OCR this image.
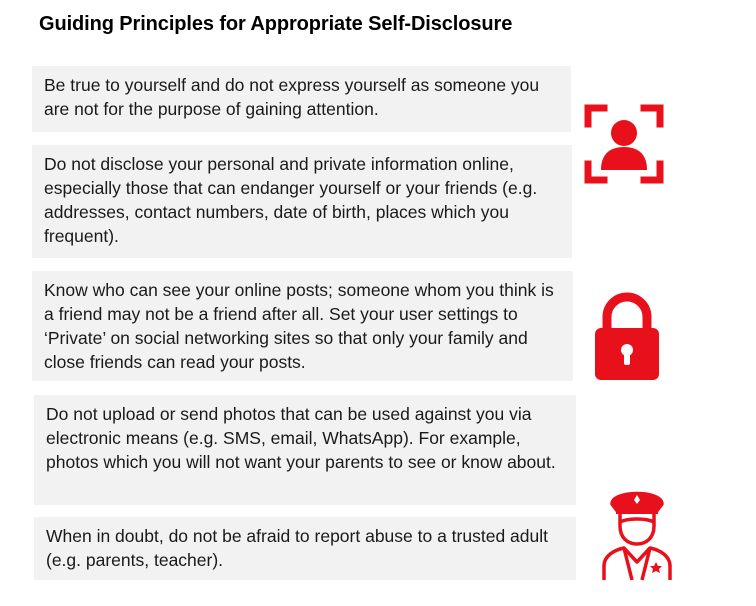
Guiding Principles for Appropriate Self-Disclosure
Be true to yourself and do not express yourself as someone you are not for the purpose of gaining attention.
Do not disclose your personal and private information online, especially those that can endanger yourself or your friends (e.g. addresses, contact numbers, date of birth, places which you frequent).
Know who can see your online posts; someone whom you think is a friend may not be a friend after all. Set your user settings to ‘Private’ on social networking sites so that only your family and close friends can read your posts.
Do not upload or send photos that can be used against you via electronic means (e.g. SMS, email, WhatsApp). For example, photos which you will not want your parents to see or know about.
When in doubt, do not be afraid to report abuse to a trusted adult (e.g. parents, teacher).
